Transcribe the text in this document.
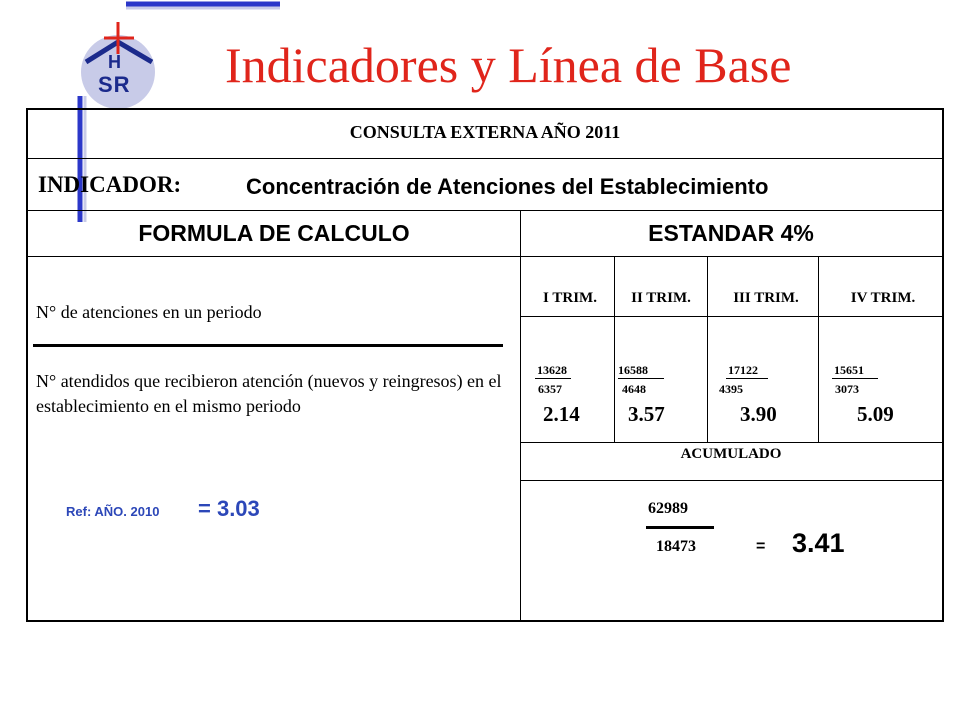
H
SR Indicadores y Línea de Base
CONSULTA EXTERNA AÑO 2011
INDICADOR:	Concentración de Atenciones del Establecimiento
FORMULA DE CALCULO	ESTANDAR 4%
N° de atenciones en un periodo
N° atendidos que recibieron atención (nuevos y reingresos) en el establecimiento en el mismo periodo
Ref: AÑO. 2010 = 3.03
I TRIM.	II TRIM.	III TRIM.	IV TRIM.
13628	16588	17122	15651
6357	4648	4395	3073
2.14 3.57	3.90	5.09
ACUMULADO
62989
18473	= 3.41
